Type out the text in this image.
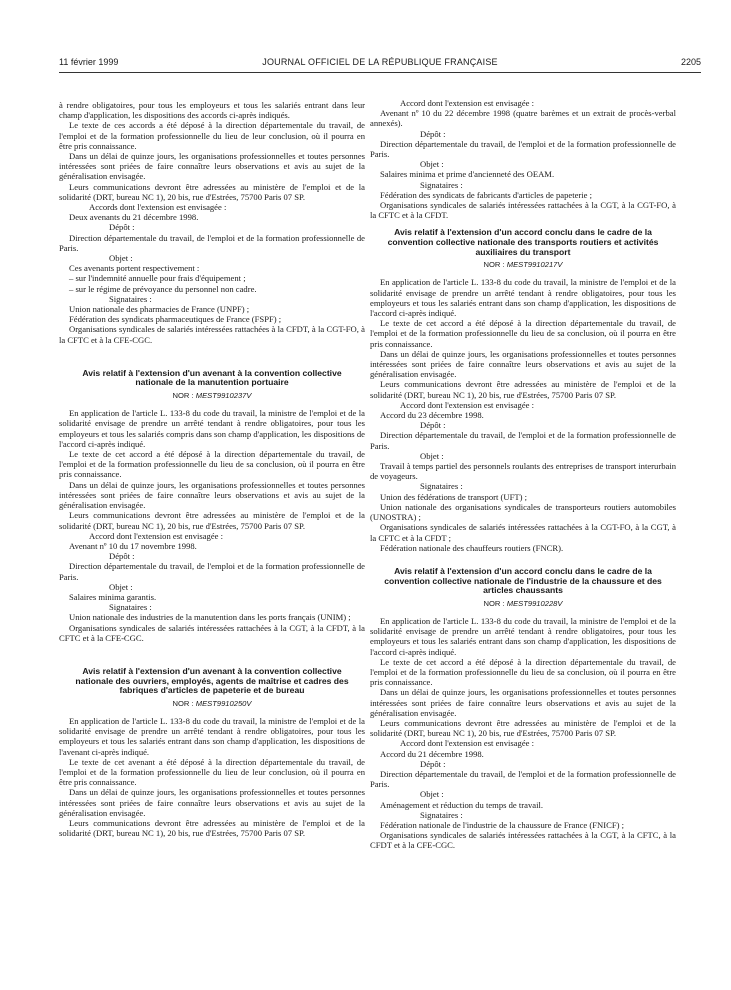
11 février 1999	JOURNAL OFFICIEL DE LA RÉPUBLIQUE FRANÇAISE	2205

à rendre obligatoires, pour tous les employeurs et tous les salariés entrant dans leur champ d'application, les dispositions des accords ci-après indiqués.

Le texte de ces accords a été déposé à la direction départementale du travail, de l'emploi et de la formation professionnelle du lieu de leur conclusion, où il pourra en être pris connaissance.

Dans un délai de quinze jours, les organisations professionnelles et toutes personnes intéressées sont priées de faire connaître leurs observations et avis au sujet de la généralisation envisagée.

Leurs communications devront être adressées au ministère de l'emploi et de la solidarité (DRT, bureau NC 1), 20 bis, rue d'Estrées, 75700 Paris 07 SP.

Accords dont l'extension est envisagée :

Deux avenants du 21 décembre 1998.

Dépôt :

Direction départementale du travail, de l'emploi et de la formation professionnelle de Paris.

Objet :

Ces avenants portent respectivement :

– sur l'indemnité annuelle pour frais d'équipement ;

– sur le régime de prévoyance du personnel non cadre.

Signataires :

Union nationale des pharmacies de France (UNPF) ;

Fédération des syndicats pharmaceutiques de France (FSPF) ;

Organisations syndicales de salariés intéressées rattachées à la CFDT, à la CGT-FO, à la CFTC et à la CFE-CGC.

Avis relatif à l'extension d'un avenant à la convention collective nationale de la manutention portuaire

NOR : MESТ9910237V

En application de l'article L. 133-8 du code du travail, la ministre de l'emploi et de la solidarité envisage de prendre un arrêté tendant à rendre obligatoires, pour tous les employeurs et tous les salariés compris dans son champ d'application, les dispositions de l'accord ci-après indiqué.

Le texte de cet accord a été déposé à la direction départementale du travail, de l'emploi et de la formation professionnelle du lieu de sa conclusion, où il pourra en être pris connaissance.

Dans un délai de quinze jours, les organisations professionnelles et toutes personnes intéressées sont priées de faire connaître leurs observations et avis au sujet de la généralisation envisagée.

Leurs communications devront être adressées au ministère de l'emploi et de la solidarité (DRT, bureau NC 1), 20 bis, rue d'Estrées, 75700 Paris 07 SP.

Accord dont l'extension est envisagée :

Avenant nº 10 du 17 novembre 1998.

Dépôt :

Direction départementale du travail, de l'emploi et de la formation professionnelle de Paris.

Objet :

Salaires minima garantis.

Signataires :

Union nationale des industries de la manutention dans les ports français (UNIM) ;

Organisations syndicales de salariés intéressées rattachées à la CGT, à la CFDT, à la CFTC et à la CFE-CGC.

Avis relatif à l'extension d'un avenant à la convention collective nationale des ouvriers, employés, agents de maîtrise et cadres des fabriques d'articles de papeterie et de bureau

NOR : MEST9910250V

En application de l'article L. 133-8 du code du travail, la ministre de l'emploi et de la solidarité envisage de prendre un arrêté tendant à rendre obligatoires, pour tous les employeurs et tous les salariés entrant dans son champ d'application, les dispositions de l'avenant ci-après indiqué.

Le texte de cet avenant a été déposé à la direction départementale du travail, de l'emploi et de la formation professionnelle du lieu de leur conclusion, où il pourra en être pris connaissance.

Dans un délai de quinze jours, les organisations professionnelles et toutes personnes intéressées sont priées de faire connaître leurs observations et avis au sujet de la généralisation envisagée.

Leurs communications devront être adressées au ministère de l'emploi et de la solidarité (DRT, bureau NC 1), 20 bis, rue d'Estrées, 75700 Paris 07 SP.

Accord dont l'extension est envisagée :

Avenant nº 10 du 22 décembre 1998 (quatre barèmes et un extrait de procès-verbal annexés).

Dépôt :

Direction départementale du travail, de l'emploi et de la formation professionnelle de Paris.

Objet :

Salaires minima et prime d'ancienneté des OEAM.

Signataires :

Fédération des syndicats de fabricants d'articles de papeterie ;

Organisations syndicales de salariés intéressées rattachées à la CGT, à la CGT-FO, à la CFTC et à la CFDT.

Avis relatif à l'extension d'un accord conclu dans le cadre de la convention collective nationale des transports routiers et activités auxiliaires du transport

NOR : MEST9910217V

En application de l'article L. 133-8 du code du travail, la ministre de l'emploi et de la solidarité envisage de prendre un arrêté tendant à rendre obligatoires, pour tous les employeurs et tous les salariés entrant dans son champ d'application, les dispositions de l'accord ci-après indiqué.

Le texte de cet accord a été déposé à la direction départementale du travail, de l'emploi et de la formation professionnelle du lieu de sa conclusion, où il pourra en être pris connaissance.

Dans un délai de quinze jours, les organisations professionnelles et toutes personnes intéressées sont priées de faire connaître leurs observations et avis au sujet de la généralisation envisagée.

Leurs communications devront être adressées au ministère de l'emploi et de la solidarité (DRT, bureau NC 1), 20 bis, rue d'Estrées, 75700 Paris 07 SP.

Accord dont l'extension est envisagée :

Accord du 23 décembre 1998.

Dépôt :

Direction départementale du travail, de l'emploi et de la formation professionnelle de Paris.

Objet :

Travail à temps partiel des personnels roulants des entreprises de transport interurbain de voyageurs.

Signataires :

Union des fédérations de transport (UFT) ;

Union nationale des organisations syndicales de transporteurs routiers automobiles (UNOSTRA) ;

Organisations syndicales de salariés intéressées rattachées à la CGT-FO, à la CGT, à la CFTC et à la CFDT ;

Fédération nationale des chauffeurs routiers (FNCR).

Avis relatif à l'extension d'un accord conclu dans le cadre de la convention collective nationale de l'industrie de la chaussure et des articles chaussants

NOR : MEST9910228V

En application de l'article L. 133-8 du code du travail, la ministre de l'emploi et de la solidarité envisage de prendre un arrêté tendant à rendre obligatoires, pour tous les employeurs et tous les salariés entrant dans son champ d'application, les dispositions de l'accord ci-après indiqué.

Le texte de cet accord a été déposé à la direction départementale du travail, de l'emploi et de la formation professionnelle du lieu de sa conclusion, où il pourra en être pris connaissance.

Dans un délai de quinze jours, les organisations professionnelles et toutes personnes intéressées sont priées de faire connaître leurs observations et avis au sujet de la généralisation envisagée.

Leurs communications devront être adressées au ministère de l'emploi et de la solidarité (DRT, bureau NC 1), 20 bis, rue d'Estrées, 75700 Paris 07 SP.

Accord dont l'extension est envisagée :

Accord du 21 décembre 1998.

Dépôt :

Direction départementale du travail, de l'emploi et de la formation professionnelle de Paris.

Objet :

Aménagement et réduction du temps de travail.

Signataires :

Fédération nationale de l'industrie de la chaussure de France (FNICF) ;

Organisations syndicales de salariés intéressées rattachées à la CGT, à la CFTC, à la CFDT et à la CFE-CGC.
